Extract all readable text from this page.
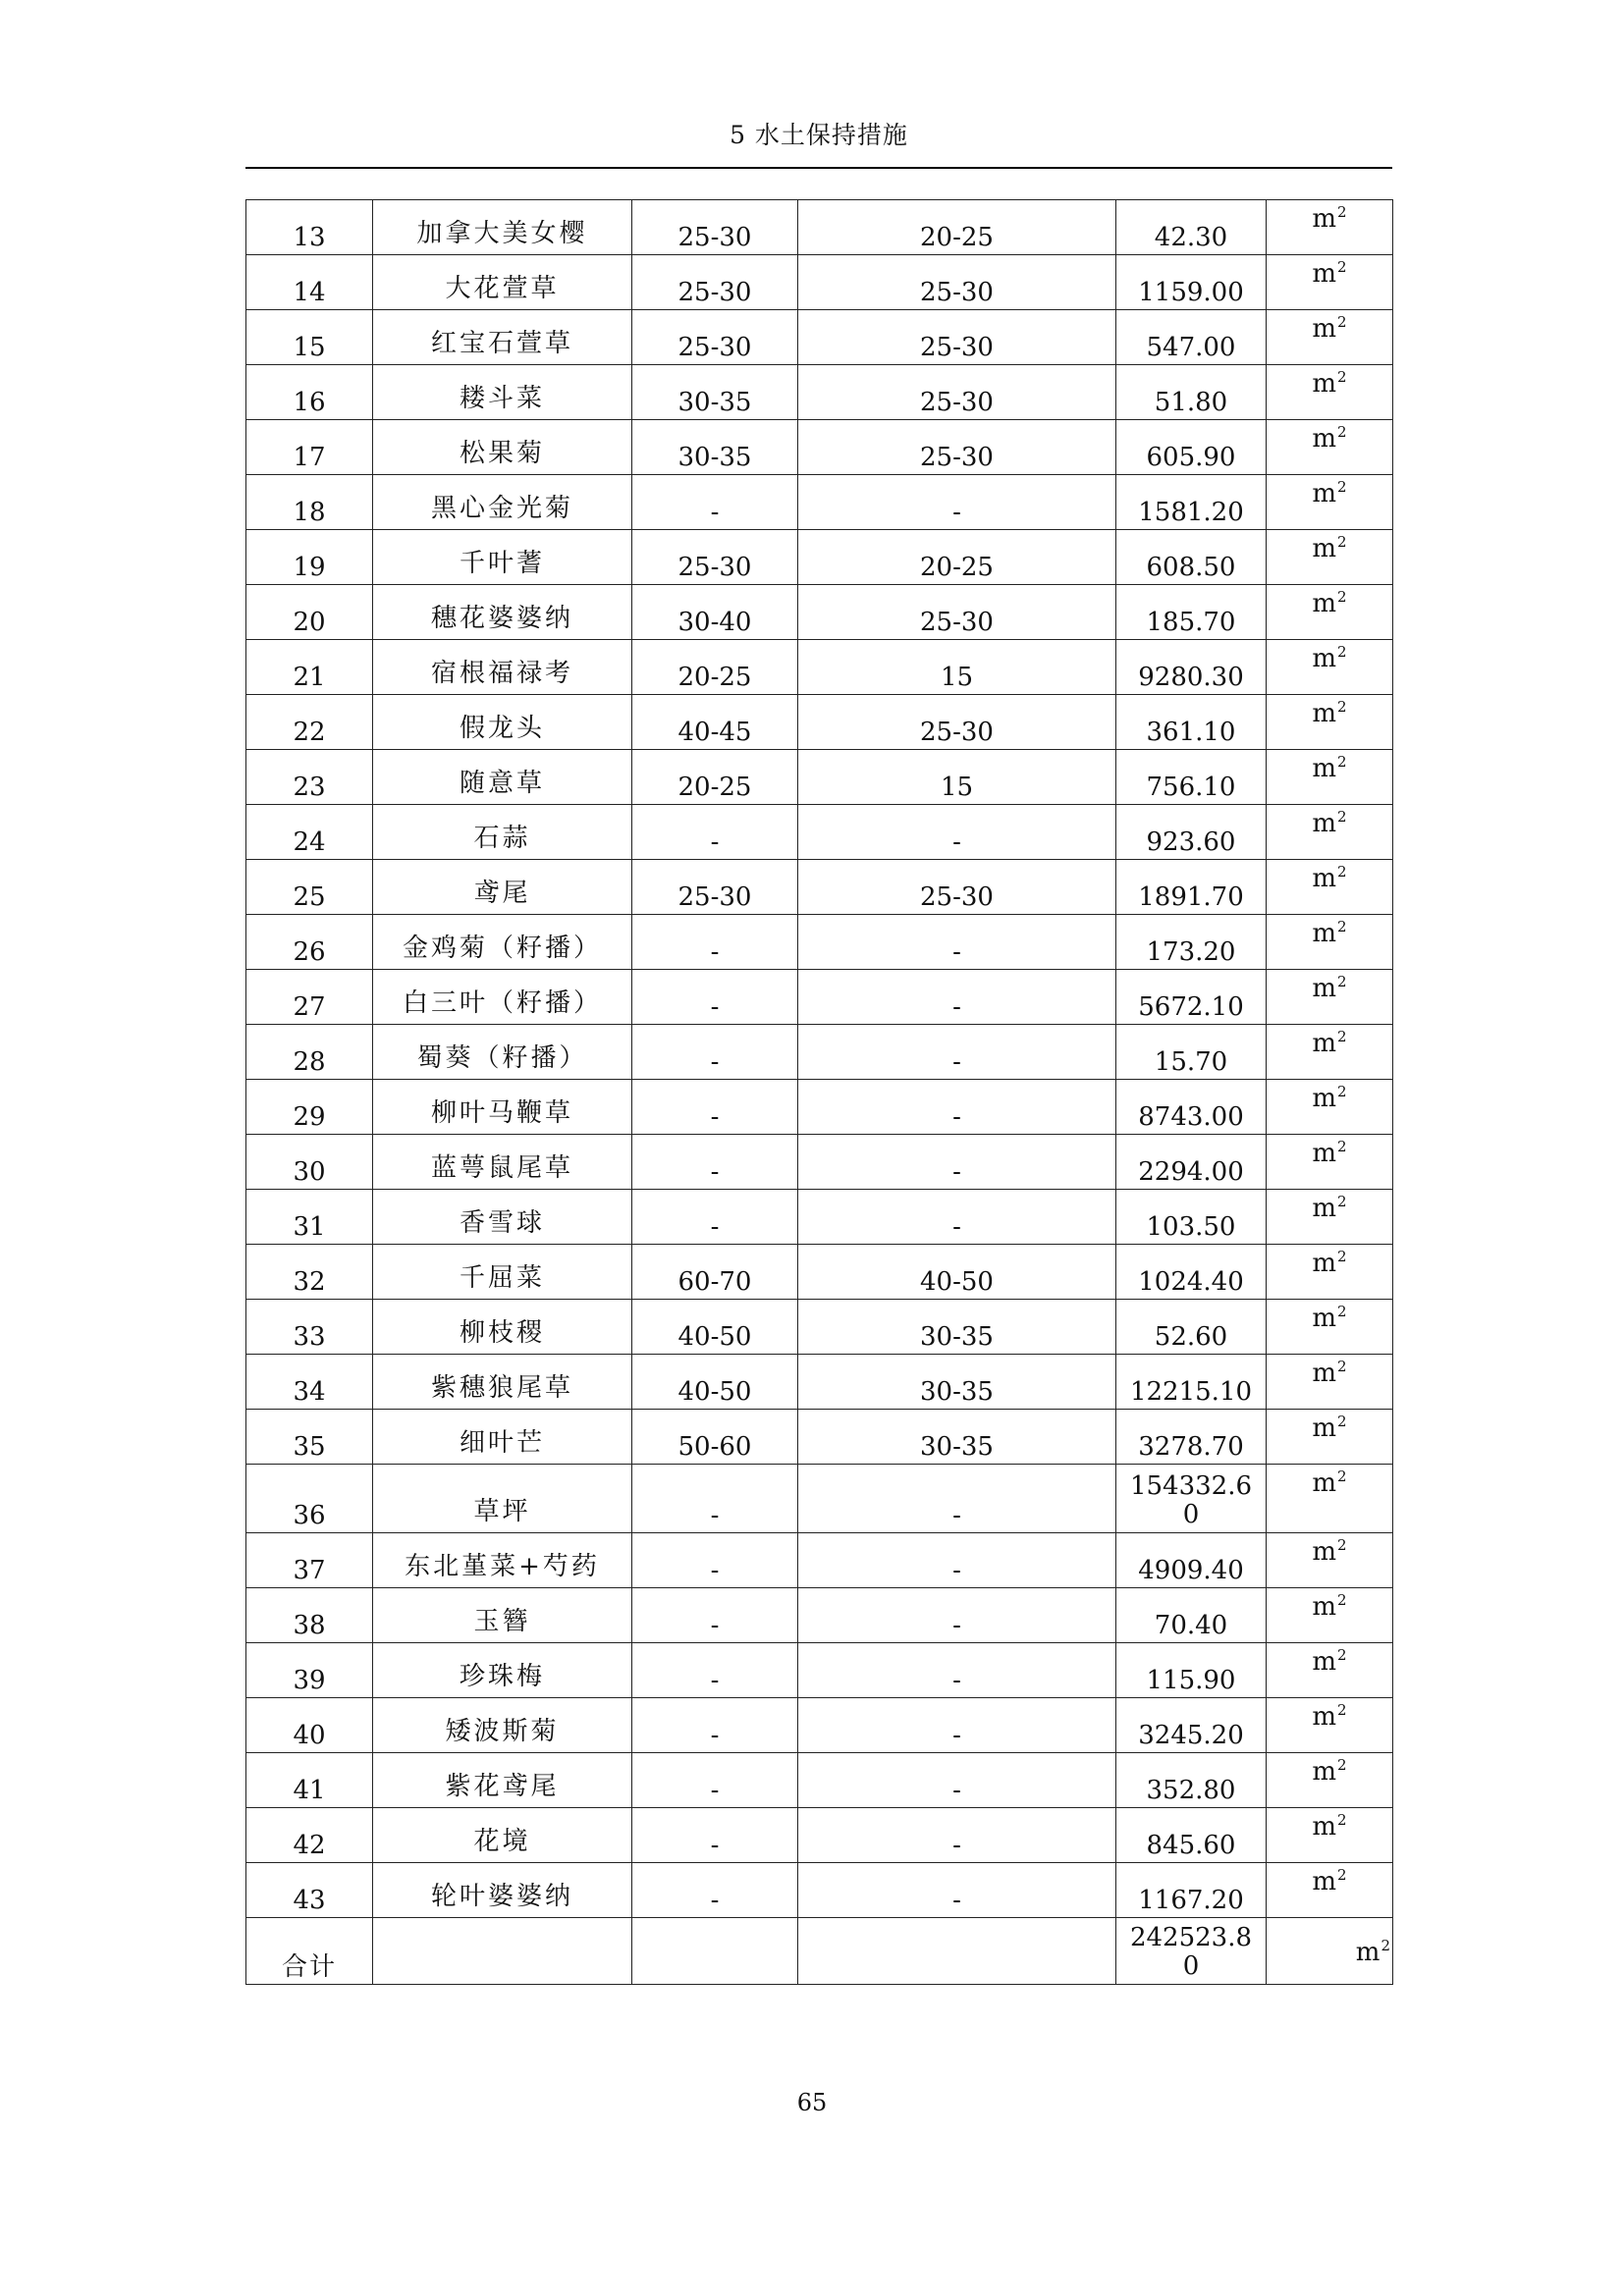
5 水土保持措施
13	加拿大美女樱	25-30	20-25	42.30	$m^2$

14	大花萱草	25-30	25-30	1159.00	$m^2$

15	红宝石萱草	25-30	25-30	547.00	$m^2$

16	耧斗菜	30-35	25-30	51.80	$m^2$

17	松果菊	30-35	25-30	605.90	$m^2$

18	黑心金光菊	-	-	1581.20	$m^2$

19	千叶蓍	25-30	20-25	608.50	$m^2$

20	穗花婆婆纳	30-40	25-30	185.70	$m^2$

21	宿根福禄考	20-25	15	9280.30	$m^2$

22	假龙头	40-45	25-30	361.10	$m^2$

23	随意草	20-25	15	756.10	$m^2$

24	石蒜	-	-	923.60	$m^2$

25	鸢尾	25-30	25-30	1891.70	$m^2$

26	金鸡菊（籽播）	-	-	173.20	$m^2$

27	白三叶（籽播）	-	-	5672.10	$m^2$

28	蜀葵（籽播）	-	-	15.70	$m^2$

29	柳叶马鞭草	-	-	8743.00	$m^2$

30	蓝萼鼠尾草	-	-	2294.00	$m^2$

31	香雪球	-	-	103.50	$m^2$

32	千屈菜	60-70	40-50	1024.40	$m^2$

33	柳枝稷	40-50	30-35	52.60	$m^2$

34	紫穗狼尾草	40-50	30-35	12215.10	$m^2$

35	细叶芒	50-60	30-35	3278.70	$m^2$

36	草坪	-	-	154332.60	$m^2$

37	东北堇菜+芍药	-	-	4909.40	$m^2$

38	玉簪	-	-	70.40	$m^2$

39	珍珠梅	-	-	115.90	$m^2$

40	矮波斯菊	-	-	3245.20	$m^2$

41	紫花鸢尾	-	-	352.80	$m^2$

42	花境	-	-	845.60	$m^2$

43	轮叶婆婆纳	-	-	1167.20	$m^2$

合计				242523.80	$m^2$
65
